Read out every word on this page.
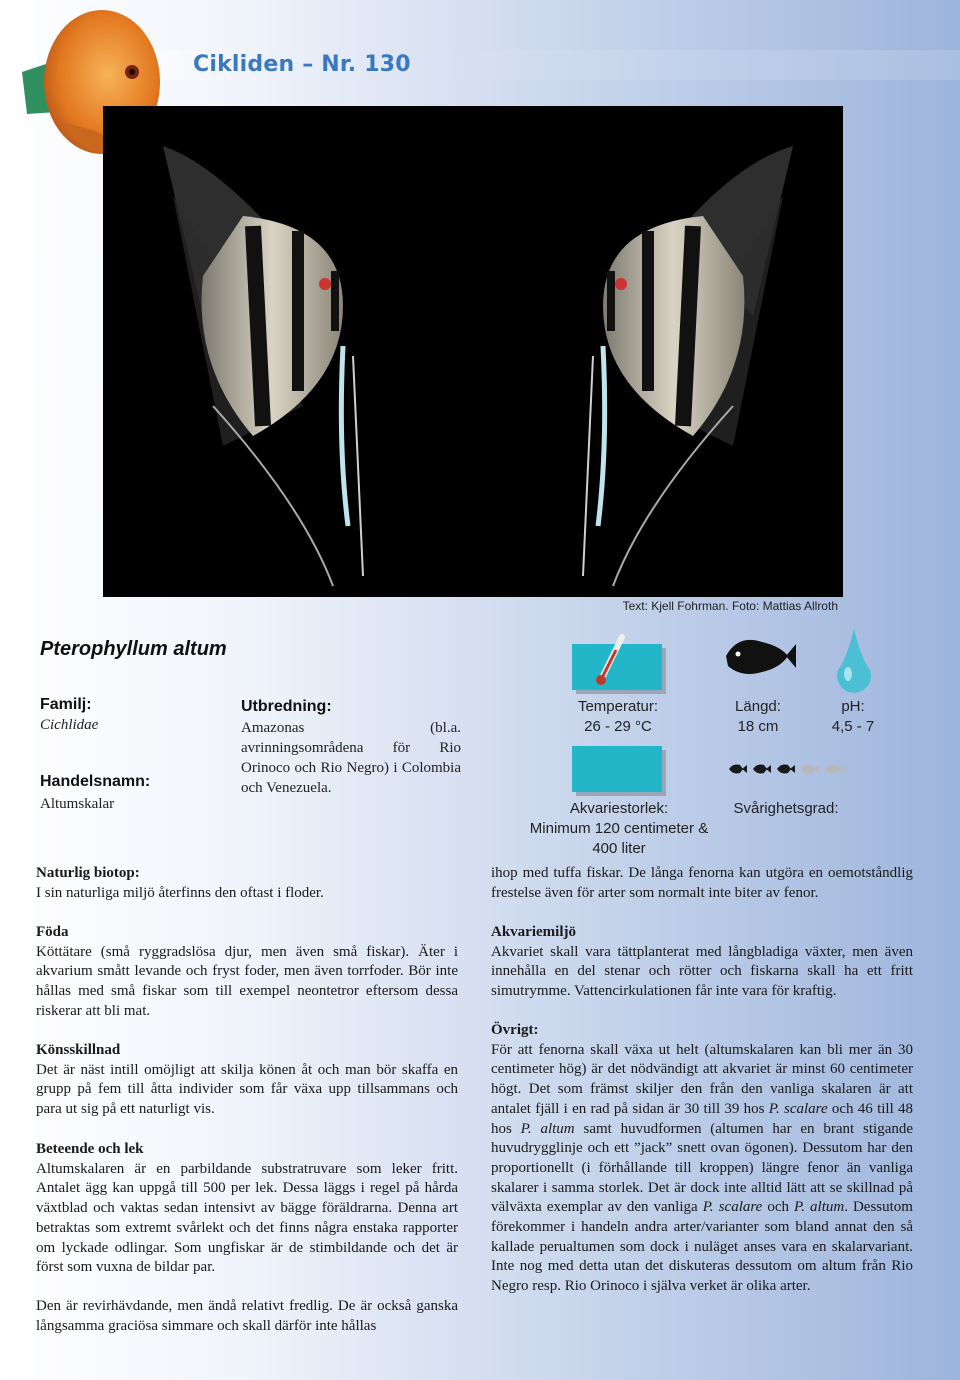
Cikliden – Nr. 130
Text: Kjell Fohrman. Foto: Mattias Allroth
Pterophyllum altum
Familj:
Cichlidae
Handelsnamn:
Altumskalar
Utbredning:
Amazonas (bl.a. avrinningsområdena för Rio Orinoco och Rio Negro) i Colombia och Venezuela.
Temperatur:
26 - 29 °C
Längd:
18 cm
pH:
4,5 - 7
Akvariestorlek:
Minimum 120 centimeter & 400 liter
Svårighetsgrad:
Naturlig biotop:

I sin naturliga miljö återfinns den oftast i floder.

Föda

Köttätare (små ryggradslösa djur, men även små fiskar). Äter i akvarium smått levande och fryst foder, men även torrfoder. Bör inte hållas med små fiskar som till exempel neontetror eftersom dessa riskerar att bli mat.

Könsskillnad

Det är näst intill omöjligt att skilja könen åt och man bör skaffa en grupp på fem till åtta individer som får växa upp tillsammans och para ut sig på ett naturligt vis.

Beteende och lek

Altumskalaren är en parbildande substratruvare som leker fritt. Antalet ägg kan uppgå till 500 per lek. Dessa läggs i regel på hårda växtblad och vaktas sedan intensivt av bägge föräldrarna. Denna art betraktas som extremt svårlekt och det finns några enstaka rapporter om lyckade odlingar. Som ungfiskar är de stimbildande och det är först som vuxna de bildar par.

Den är revirhävdande, men ändå relativt fredlig. De är också ganska långsamma graciösa simmare och skall därför inte hållas

ihop med tuffa fiskar. De långa fenorna kan utgöra en oemotståndlig frestelse även för arter som normalt inte biter av fenor.

Akvariemiljö

Akvariet skall vara tättplanterat med långbladiga växter, men även innehålla en del stenar och rötter och fiskarna skall ha ett fritt simutrymme. Vattencirkulationen får inte vara för kraftig.

Övrigt:

För att fenorna skall växa ut helt (altumskalaren kan bli mer än 30 centimeter hög) är det nödvändigt att akvariet är minst 60 centimeter högt. Det som främst skiljer den från den vanliga skalaren är att antalet fjäll i en rad på sidan är 30 till 39 hos P. scalare och 46 till 48 hos P. altum samt huvudformen (altumen har en brant stigande huvudrygglinje och ett ”jack” snett ovan ögonen). Dessutom har den proportionellt (i förhållande till kroppen) längre fenor än vanliga skalarer i samma storlek. Det är dock inte alltid lätt att se skillnad på välväxta exemplar av den vanliga P. scalare och P. altum. Dessutom förekommer i handeln andra arter/varianter som bland annat den så kallade perualtumen som dock i nuläget anses vara en skalarvariant. Inte nog med detta utan det diskuteras dessutom om altum från Rio Negro resp. Rio Orinoco i själva verket är olika arter.
